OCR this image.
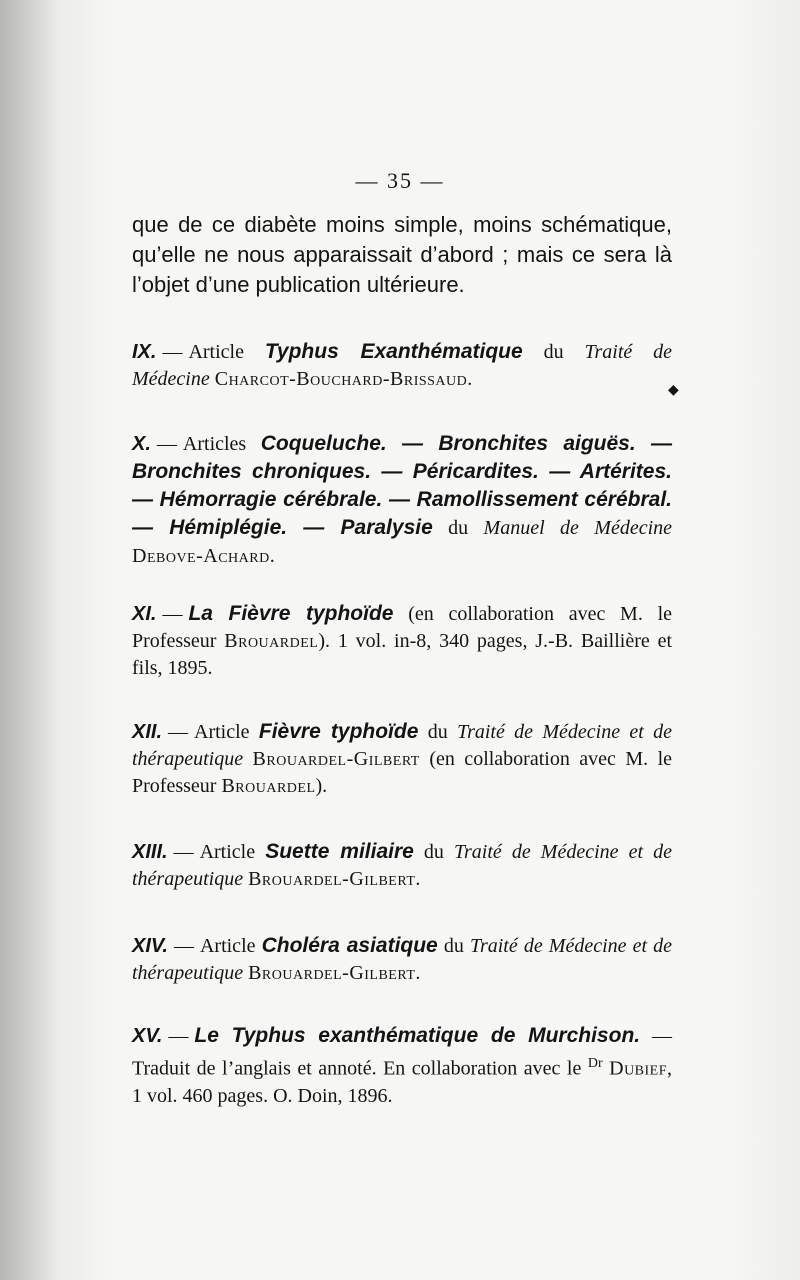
— 35 —

que de ce diabète moins simple, moins schématique, qu’elle ne nous apparaissait d’abord ; mais ce sera là l’objet d’une publication ultérieure.

IX. — Article Typhus Exanthématique du Traité de Médecine Charcot-Bouchard-Brissaud.

◆

X. — Articles Coqueluche. — Bronchites aiguës. — Bronchites chroniques. — Péricardites. — Artérites. — Hémorragie cérébrale. — Ramollissement cérébral. — Hémiplégie. — Paralysie du Manuel de Médecine Debove-Achard.

XI. — La Fièvre typhoïde (en collaboration avec M. le Professeur Brouardel). 1 vol. in-8, 340 pages, J.-B. Baillière et fils, 1895.

XII. — Article Fièvre typhoïde du Traité de Médecine et de thérapeutique Brouardel-Gilbert (en collaboration avec M. le Professeur Brouardel).

XIII. — Article Suette miliaire du Traité de Médecine et de thérapeutique Brouardel-Gilbert.

XIV. — Article Choléra asiatique du Traité de Médecine et de thérapeutique Brouardel-Gilbert.

XV. — Le Typhus exanthématique de Murchison. — Traduit de l’anglais et annoté. En collaboration avec le $^{Dr}$ Dubief, 1 vol. 460 pages. O. Doin, 1896.
